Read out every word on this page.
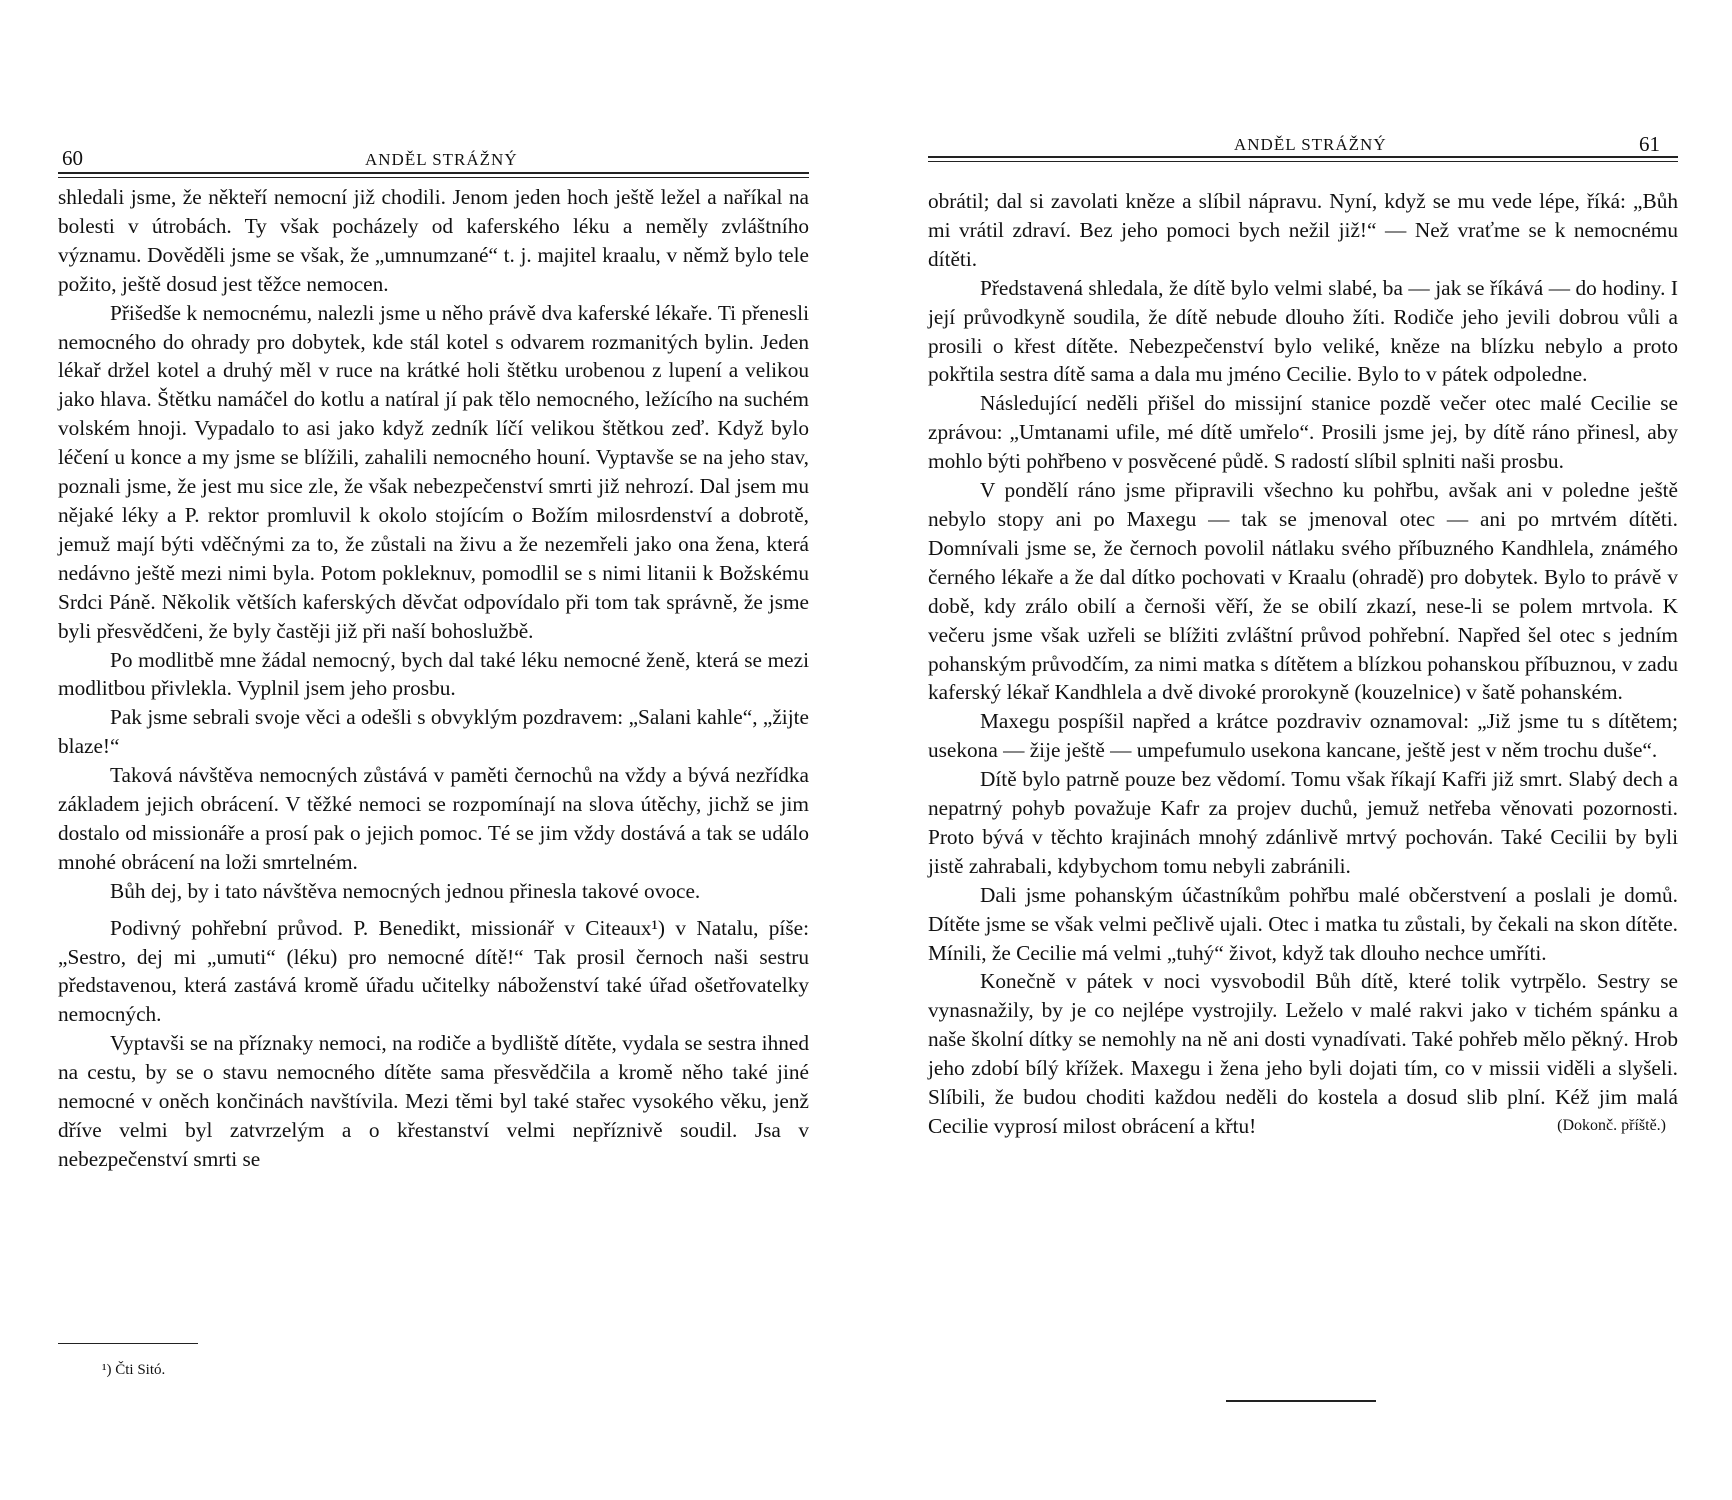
60	ANDĚL STRÁŽNÝ

shledali jsme, že někteří nemocní již chodili. Jenom jeden hoch ještě ležel a naříkal na bolesti v útrobách. Ty však pocházely od kaferského léku a neměly zvláštního významu. Dověděli jsme se však, že „umnumzané“ t. j. majitel kraalu, v němž bylo tele požito, ještě dosud jest těžce nemocen.

Přišedše k nemocnému, nalezli jsme u něho právě dva kaferské lékaře. Ti přenesli nemocného do ohrady pro dobytek, kde stál kotel s odvarem rozmanitých bylin. Jeden lékař držel kotel a druhý měl v ruce na krátké holi štětku urobenou z lupení a velikou jako hlava. Štětku namáčel do kotlu a natíral jí pak tělo nemocného, ležícího na suchém volském hnoji. Vypadalo to asi jako když zedník líčí velikou štětkou zeď. Když bylo léčení u konce a my jsme se blížili, zahalili nemocného houní. Vyptavše se na jeho stav, poznali jsme, že jest mu sice zle, že však nebezpečenství smrti již nehrozí. Dal jsem mu nějaké léky a P. rektor promluvil k okolo stojícím o Božím milosrdenství a dobrotě, jemuž mají býti vděčnými za to, že zůstali na živu a že nezemřeli jako ona žena, která nedávno ještě mezi nimi byla. Potom pokleknuv, pomodlil se s nimi litanii k Božskému Srdci Páně. Několik větších kaferských děvčat odpovídalo při tom tak správně, že jsme byli přesvědčeni, že byly častěji již při naší bohoslužbě.

Po modlitbě mne žádal nemocný, bych dal také léku nemocné ženě, která se mezi modlitbou přivlekla. Vyplnil jsem jeho prosbu.

Pak jsme sebrali svoje věci a odešli s obvyklým pozdravem: „Salani kahle“, „žijte blaze!“

Taková návštěva nemocných zůstává v paměti černochů na vždy a bývá nezřídka základem jejich obrácení. V těžké nemoci se rozpomínají na slova útěchy, jichž se jim dostalo od missionáře a prosí pak o jejich pomoc. Té se jim vždy dostává a tak se událo mnohé obrácení na loži smrtelném.

Bůh dej, by i tato návštěva nemocných jednou přinesla takové ovoce.

Podivný pohřební průvod. P. Benedikt, missionář v Citeaux¹) v Natalu, píše: „Sestro, dej mi „umuti“ (léku) pro nemocné dítě!“ Tak prosil černoch naši sestru představenou, která zastává kromě úřadu učitelky náboženství také úřad ošetřovatelky nemocných.

Vyptavši se na příznaky nemoci, na rodiče a bydliště dítěte, vydala se sestra ihned na cestu, by se o stavu nemocného dítěte sama přesvědčila a kromě něho také jiné nemocné v oněch končinách navštívila. Mezi těmi byl také stařec vysokého věku, jenž dříve velmi byl zatvrzelým a o křestanství velmi nepříznivě soudil. Jsa v nebezpečenství smrti se

¹) Čti Sitó.
ANDĚL STRÁŽNÝ	61

obrátil; dal si zavolati kněze a slíbil nápravu. Nyní, když se mu vede lépe, říká: „Bůh mi vrátil zdraví. Bez jeho pomoci bych nežil již!“ — Než vraťme se k nemocnému dítěti.

Představená shledala, že dítě bylo velmi slabé, ba — jak se říkává — do hodiny. I její průvodkyně soudila, že dítě nebude dlouho žíti. Rodiče jeho jevili dobrou vůli a prosili o křest dítěte. Nebezpečenství bylo veliké, kněze na blízku nebylo a proto pokřtila sestra dítě sama a dala mu jméno Cecilie. Bylo to v pátek odpoledne.

Následující neděli přišel do missijní stanice pozdě večer otec malé Cecilie se zprávou: „Umtanami ufile, mé dítě umřelo“. Prosili jsme jej, by dítě ráno přinesl, aby mohlo býti pohřbeno v posvěcené půdě. S radostí slíbil splniti naši prosbu.

V pondělí ráno jsme připravili všechno ku pohřbu, avšak ani v poledne ještě nebylo stopy ani po Maxegu — tak se jmenoval otec — ani po mrtvém dítěti. Domnívali jsme se, že černoch povolil nátlaku svého příbuzného Kandhlela, známého černého lékaře a že dal dítko pochovati v Kraalu (ohradě) pro dobytek. Bylo to právě v době, kdy zrálo obilí a černoši věří, že se obilí zkazí, nese-li se polem mrtvola. K večeru jsme však uzřeli se blížiti zvláštní průvod pohřební. Napřed šel otec s jedním pohanským průvodčím, za nimi matka s dítětem a blízkou pohanskou příbuznou, v zadu kaferský lékař Kandhlela a dvě divoké prorokyně (kouzelnice) v šatě pohanském.

Maxegu pospíšil napřed a krátce pozdraviv oznamoval: „Již jsme tu s dítětem; usekona — žije ještě — umpefumulo usekona kancane, ještě jest v něm trochu duše“.

Dítě bylo patrně pouze bez vědomí. Tomu však říkají Kafři již smrt. Slabý dech a nepatrný pohyb považuje Kafr za projev duchů, jemuž netřeba věnovati pozornosti. Proto bývá v těchto krajinách mnohý zdánlivě mrtvý pochován. Také Cecilii by byli jistě zahrabali, kdybychom tomu nebyli zabránili.

Dali jsme pohanským účastníkům pohřbu malé občerstvení a poslali je domů. Dítěte jsme se však velmi pečlivě ujali. Otec i matka tu zůstali, by čekali na skon dítěte. Mínili, že Cecilie má velmi „tuhý“ život, když tak dlouho nechce umříti.

Konečně v pátek v noci vysvobodil Bůh dítě, které tolik vytrpělo. Sestry se vynasnažily, by je co nejlépe vystrojily. Leželo v malé rakvi jako v tichém spánku a naše školní dítky se nemohly na ně ani dosti vynadívati. Také pohřeb mělo pěkný. Hrob jeho zdobí bílý křížek. Maxegu i žena jeho byli dojati tím, co v missii viděli a slyšeli. Slíbili, že budou choditi každou neděli do kostela a dosud slib plní. Kéž jim malá Cecilie vyprosí milost obrácení a křtu!	(Dokonč. příště.)
